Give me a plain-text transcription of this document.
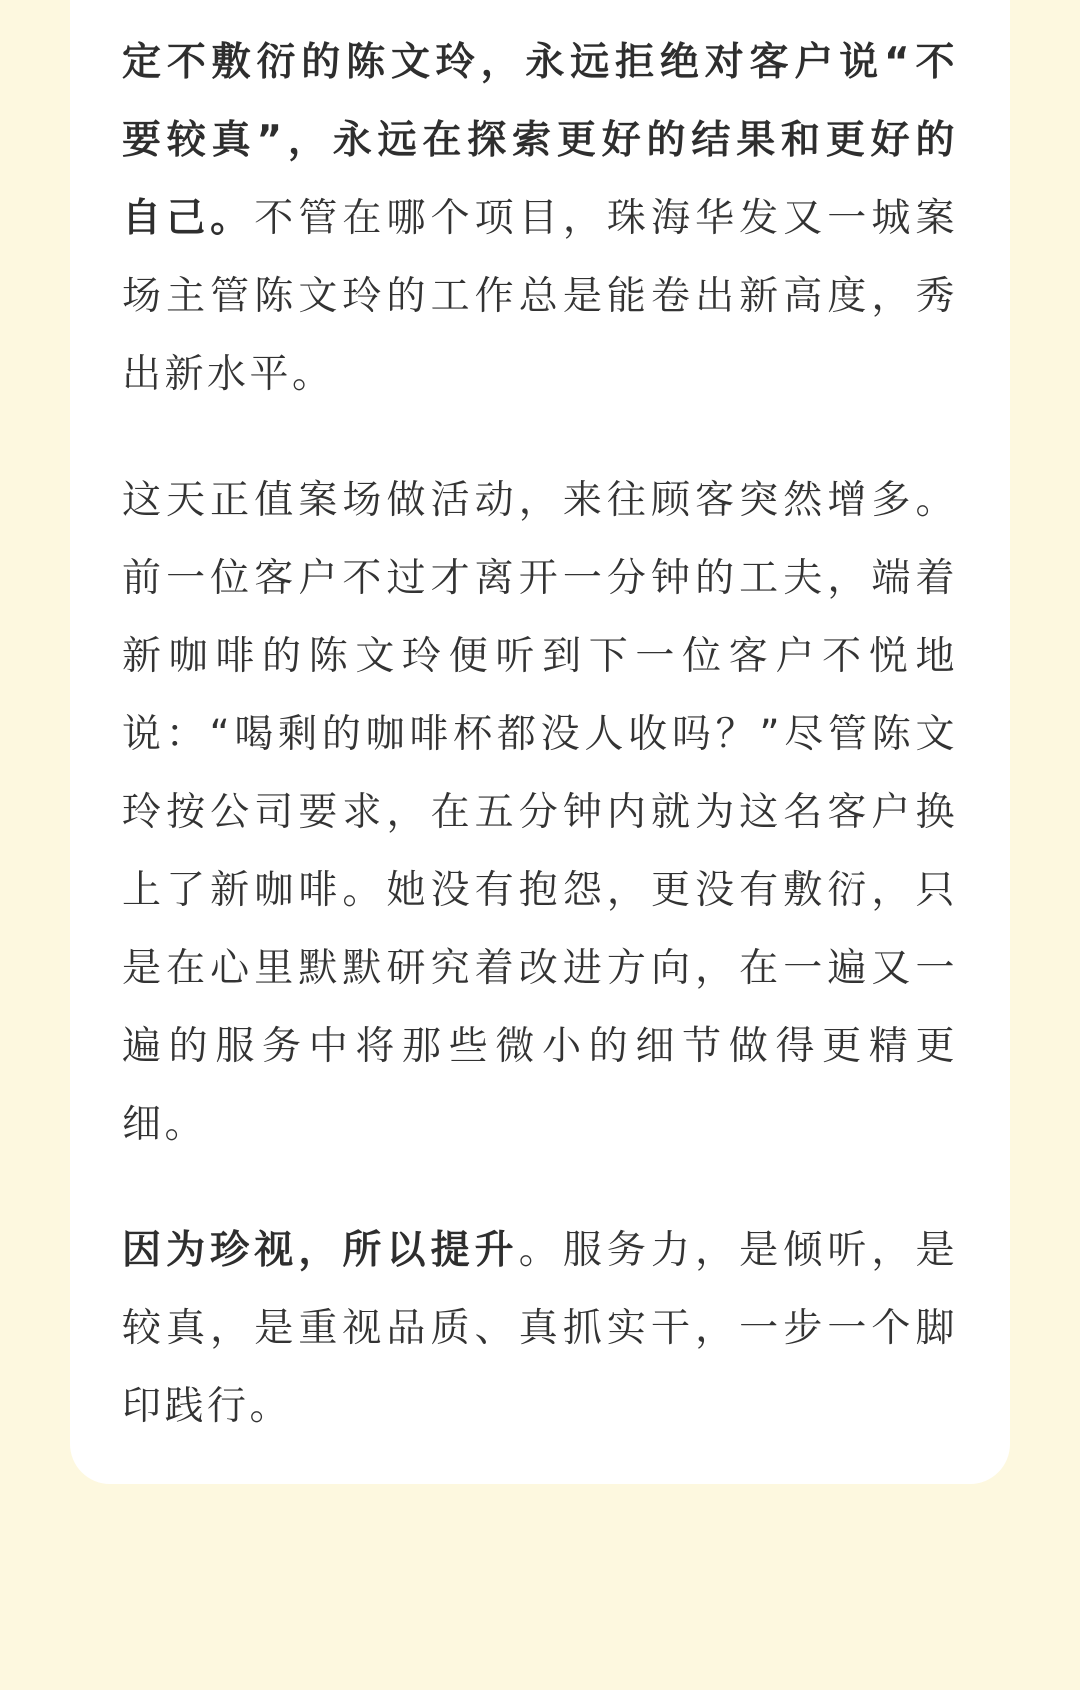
定不敷衍的陈文玲，永远拒绝对客户说“不要较真”，永远在探索更好的结果和更好的自己。不管在哪个项目，珠海华发又一城案场主管陈文玲的工作总是能卷出新高度，秀出新水平。

这天正值案场做活动，来往顾客突然增多。前一位客户不过才离开一分钟的工夫，端着新咖啡的陈文玲便听到下一位客户不悦地说：“喝剩的咖啡杯都没人收吗？”尽管陈文玲按公司要求，在五分钟内就为这名客户换上了新咖啡。她没有抱怨，更没有敷衍，只是在心里默默研究着改进方向，在一遍又一遍的服务中将那些微小的细节做得更精更细。

因为珍视，所以提升。服务力，是倾听，是较真，是重视品质、真抓实干，一步一个脚印践行。
